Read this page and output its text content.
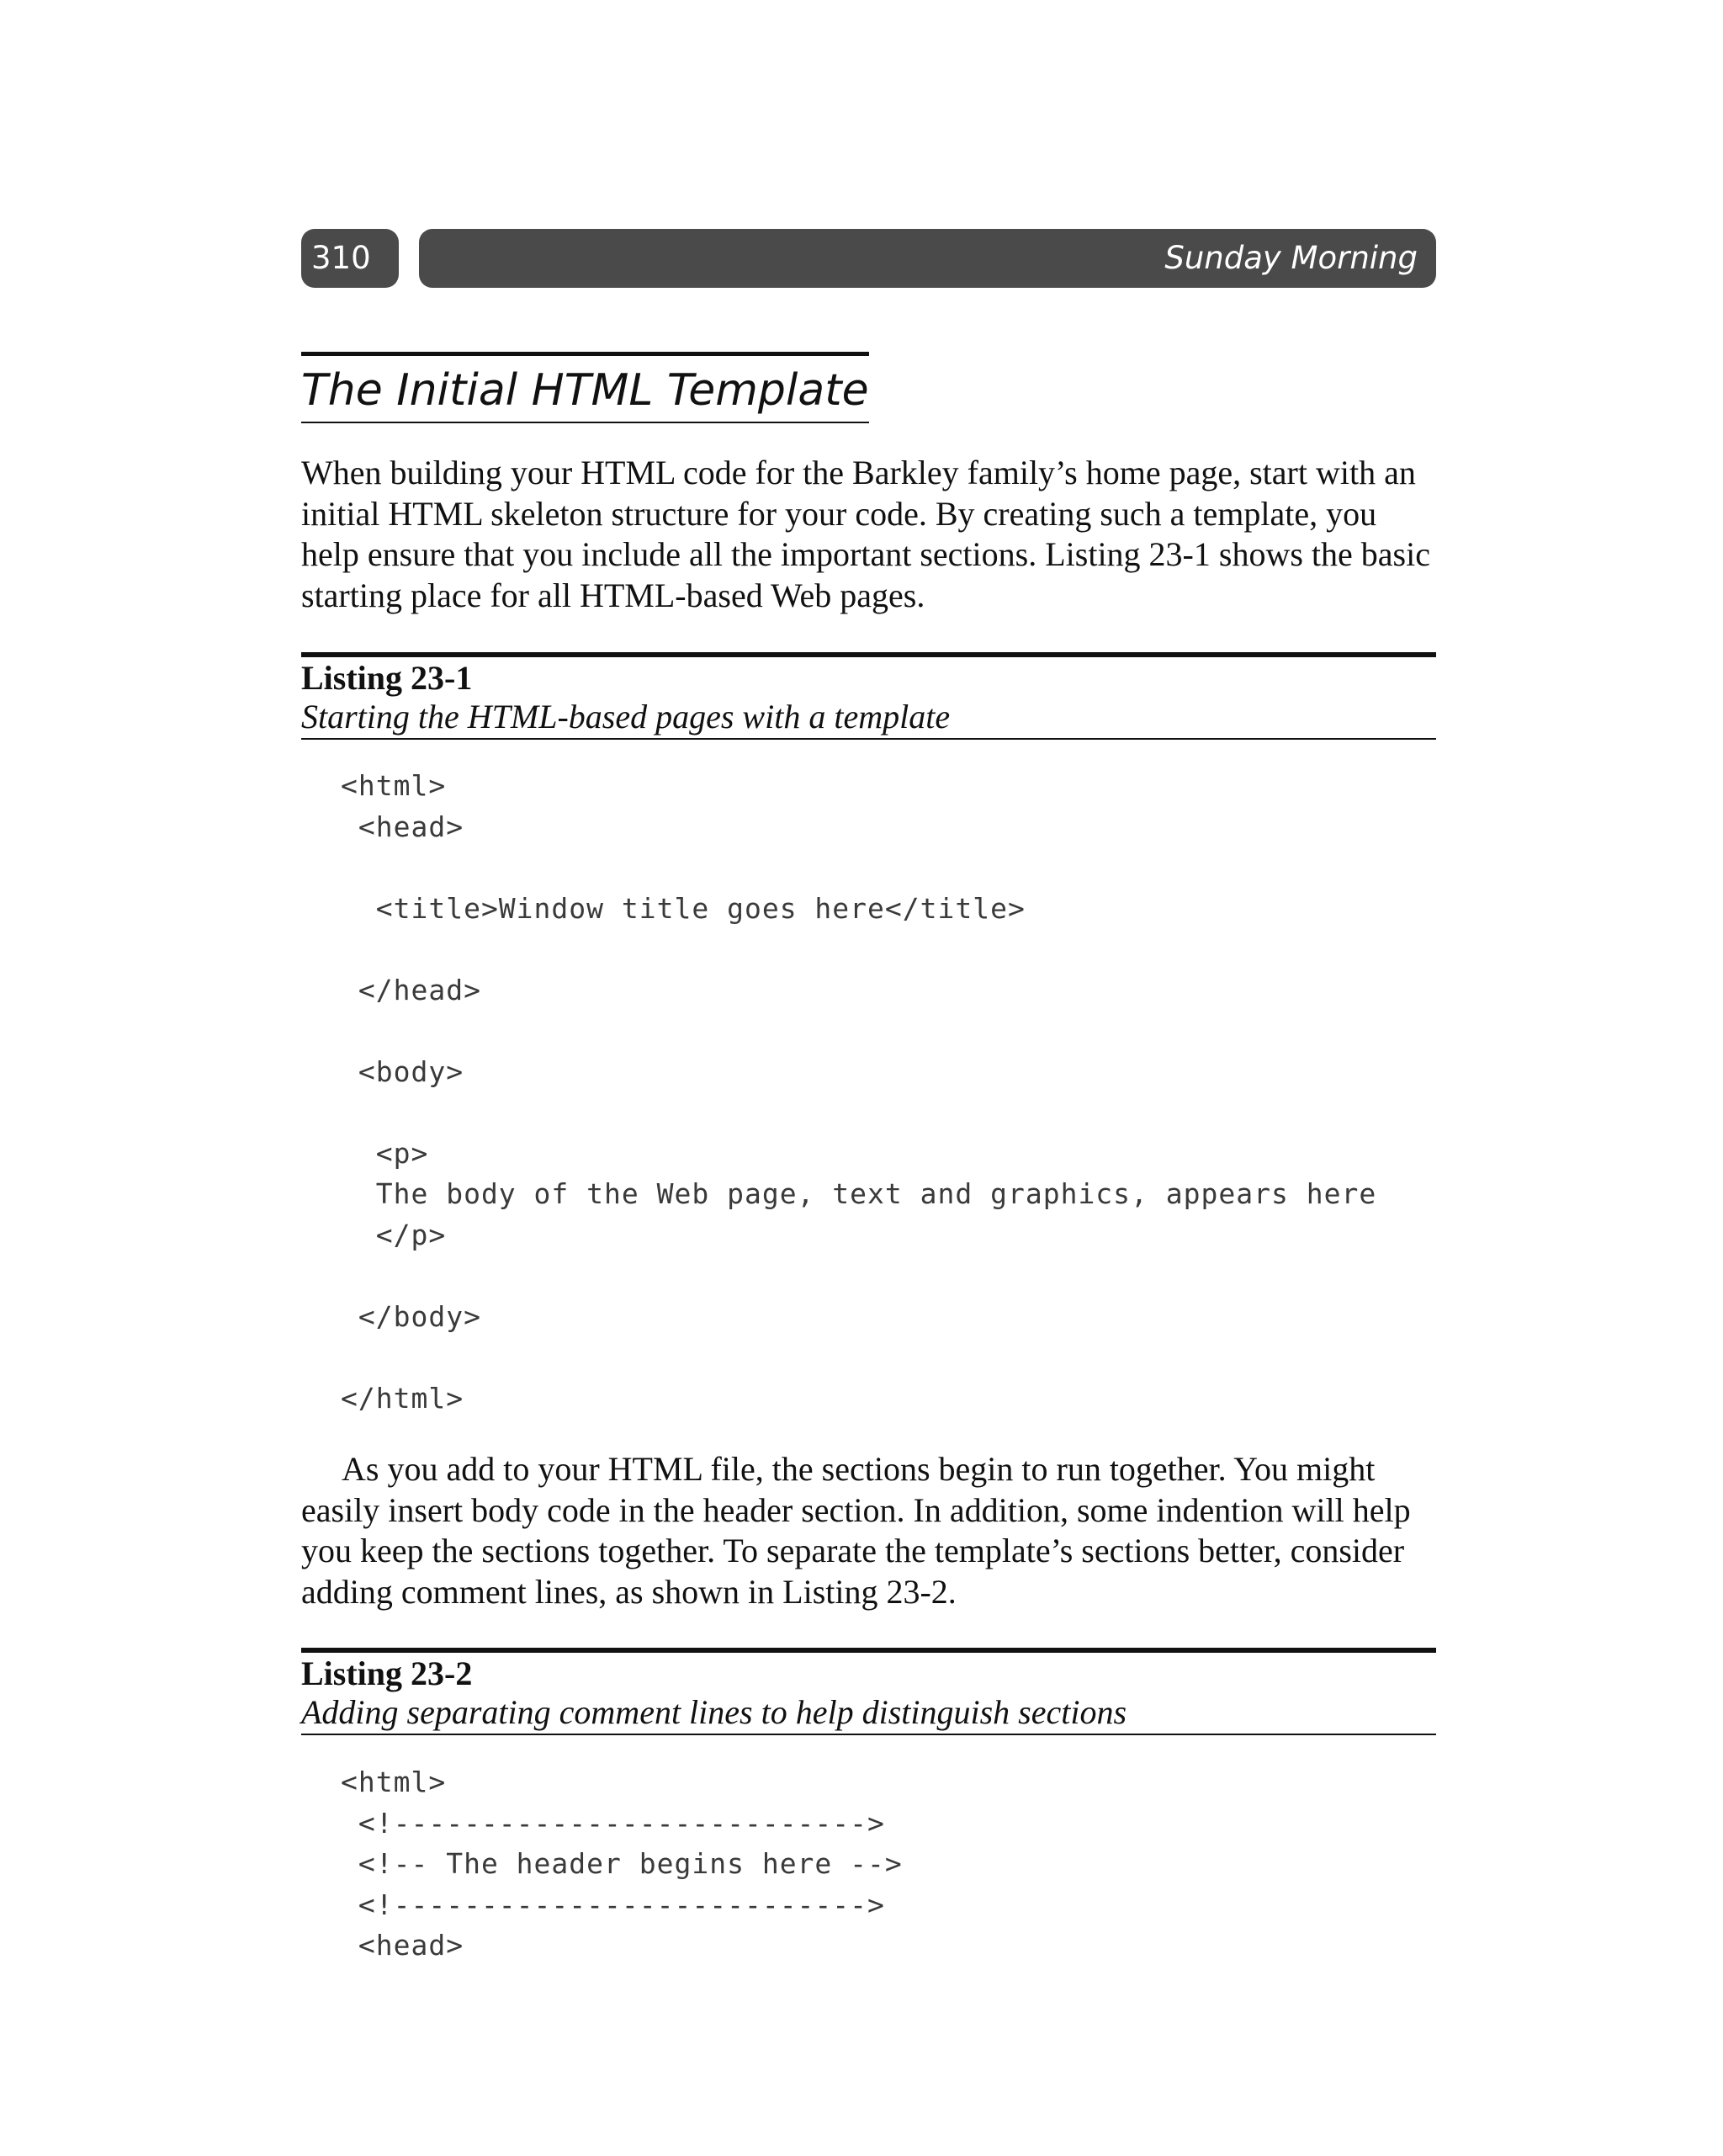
310	Sunday Morning
The Initial HTML Template

When building your HTML code for the Barkley family’s home page, start with an initial HTML skeleton structure for your code. By creating such a template, you help ensure that you include all the important sections. Listing 23-1 shows the basic starting place for all HTML-based Web pages.

Listing 23-1
Starting the HTML-based pages with a template
<html>
<head>

<title>Window title goes here</title>

</head>

<body>

<p>
The body of the Web page, text and graphics, appears here
</p>

</body>

</html>

As you add to your HTML file, the sections begin to run together. You might easily insert body code in the header section. In addition, some indention will help you keep the sections together. To separate the template’s sections better, consider adding comment lines, as shown in Listing 23-2.

Listing 23-2
Adding separating comment lines to help distinguish sections
<html>
<!--------------------------->
<!-- The header begins here -->
<!--------------------------->
<head>
